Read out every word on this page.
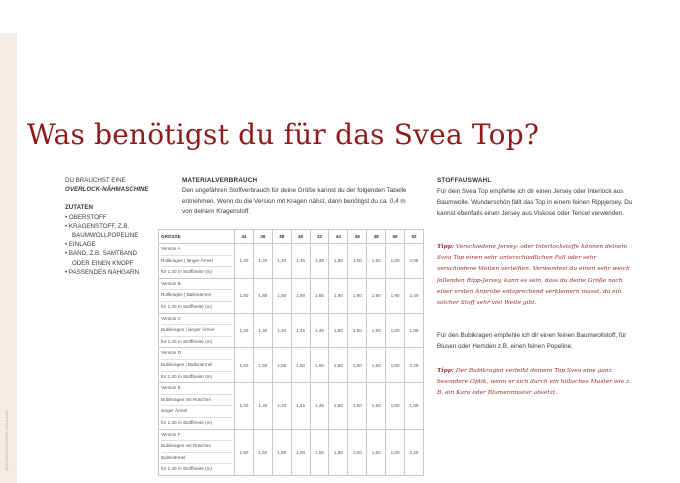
@STUDIO.GINGER.COLLAGE
Was benötigst du für das Svea Top?

DU BRAUCHST EINE

OVERLOCK-NÄHMASCHINE

ZUTATEN

• OBERSTOFF
• KRAGENSTOFF, Z.B.
BAUMWOLLPOPELINE
• EINLAGE
• BAND, Z.B. SAMTBAND
ODER EINEN KNOPF
• PASSENDES NÄHGARN
MATERIALVERBRAUCH

Den ungefähren Stoffverbrauch für deine Größe kannst du der folgenden Tabelle entnehmen. Wenn du die Version mit Kragen nähst, dann benötigst du ca. 0,4 m von deinem Kragenstoff.

GRÖSSE	34	36	38	40	42	44	46	48	50	52

Version A
Rollkragen | langer Ärmel
für 1,40 m Stoffbreite (m)	1,40	1,40	1,40	1,45	1,45	1,50	1,50	1,50	1,60	2,05

Version B
Rollkragen | Ballonärmel
für 1,40 m Stoffbreite (m)	1,80	1,80	1,80	1,80	1,85	1,90	1,90	1,90	1,90	2,40

Version C
Bubikragen | langer Ärmel
für 1,40 m Stoffbreite (m)	1,40	1,40	1,40	1,45	1,45	1,50	1,50	1,50	1,60	1,80

Version D
Bubikragen | Ballonärmel
für 1,40 m Stoffbreite (m)	1,50	1,50	1,50	1,50	1,50	1,50	1,60	1,60	1,60	2,20

Version E
Bubikragen mit Rüschen
langer Ärmel
für 1,40 m Stoffbreite (m)	1,40	1,40	1,40	1,45	1,45	1,50	1,50	1,50	1,60	1,80

Version F
Bubikragen mit Rüschen
Ballonärmel
für 1,40 m Stoffbreite (m)	1,50	1,50	1,50	1,50	1,50	1,50	1,60	1,60	1,60	2,20
STOFFAUSWAHL

Für dein Svea Top empfehle ich dir einen Jersey oder Interlock aus Baumwolle. Wunderschön fällt das Top in einem feinen Rippjersey. Du kannst ebenfalls einen Jersey aus Viskose oder Tencel verwenden.

Tipp: Verschiedene Jersey- oder Interlockstoffe können deinem Svea Top einen sehr unterschiedlichen Fall oder sehr verschiedene Weiten verleihen. Verwendest du einen sehr weich fallenden Ripp-Jersey, kann es sein, dass du deine Größe nach einer ersten Anprobe entsprechend verkleinern musst, da ein solcher Stoff sehr viel Weite gibt.

Für den Bubikragen empfehle ich dir einen feinen Baumwollstoff, für Blusen oder Hemden z.B. einen feinen Popeline.

Tipp: Der Bubikragen verleiht deinem Top Svea eine ganz besondere Optik, wenn er sich durch ein hübsches Muster wie z. B. ein Karo oder Blumenmuster absetzt.
